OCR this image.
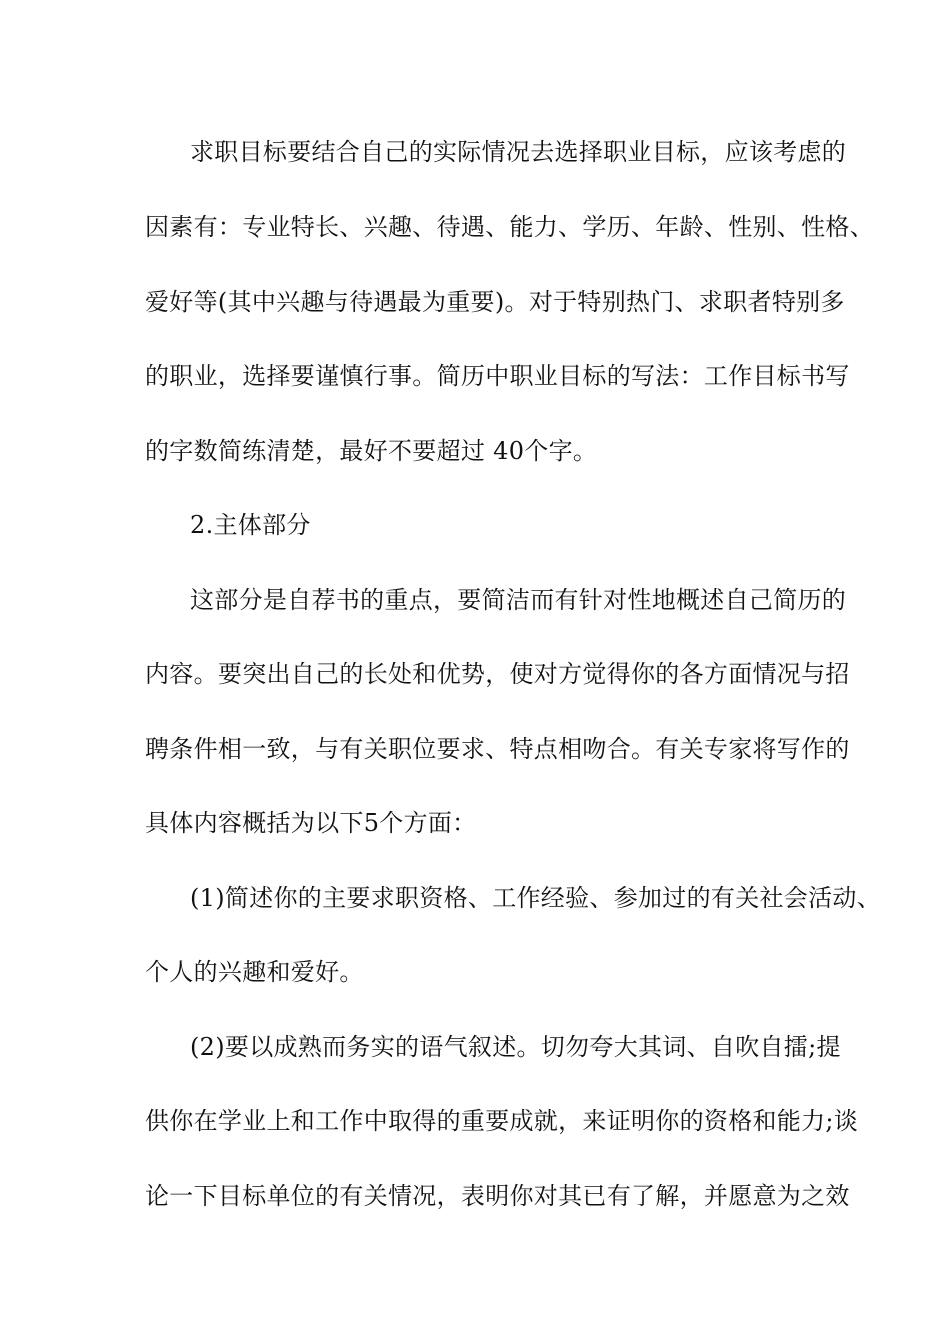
求职目标要结合自己的实际情况去选择职业目标，应该考虑的
因素有：专业特长、兴趣、待遇、能力、学历、年龄、性别、性格、
爱好等(其中兴趣与待遇最为重要)。对于特别热门、求职者特别多
的职业，选择要谨慎行事。简历中职业目标的写法：工作目标书写
的字数简练清楚，最好不要超过 40个字。
2.主体部分
这部分是自荐书的重点，要简洁而有针对性地概述自己简历的
内容。要突出自己的长处和优势，使对方觉得你的各方面情况与招
聘条件相一致，与有关职位要求、特点相吻合。有关专家将写作的
具体内容概括为以下5个方面：
(1)简述你的主要求职资格、工作经验、参加过的有关社会活动、
个人的兴趣和爱好。
(2)要以成熟而务实的语气叙述。切勿夸大其词、自吹自擂;提
供你在学业上和工作中取得的重要成就，来证明你的资格和能力;谈
论一下目标单位的有关情况，表明你对其已有了解，并愿意为之效
